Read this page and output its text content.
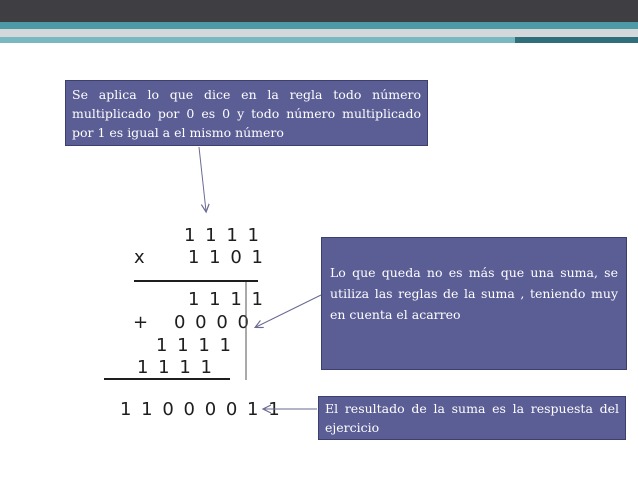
Se aplica lo que dice en la regla todo número multiplicado por 0 es 0 y todo número multiplicado por 1 es igual a el mismo número
Lo que queda no es más que una suma, se utiliza las reglas de la suma , teniendo muy en cuenta el acarreo
El resultado de la suma es la respuesta del ejercicio
1 1 1 1
x 1 1 0 1
1 1 1 1
+ 0 0 0 0
1 1 1 1
1 1 1 1
1 1 0 0 0 0 1 1
